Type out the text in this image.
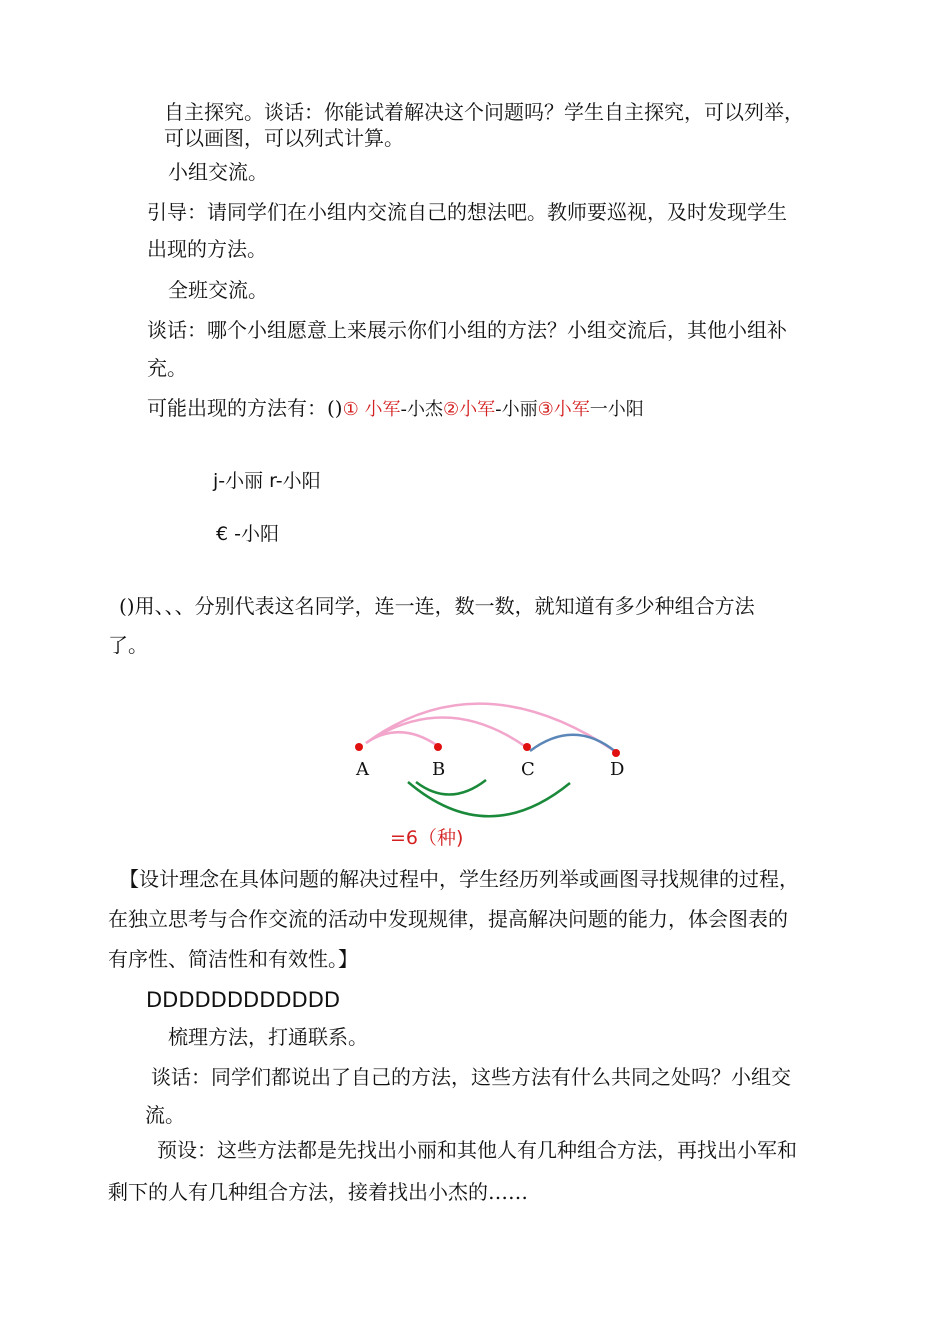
自主探究。谈话：你能试着解决这个问题吗？学生自主探究，可以列举，
可以画图，可以列式计算。
小组交流。
引导：请同学们在小组内交流自己的想法吧。教师要巡视，及时发现学生
出现的方法。
全班交流。
谈话：哪个小组愿意上来展示你们小组的方法？小组交流后，其他小组补
充。
可能出现的方法有：()① 小军-小杰②小军-小丽③小军一小阳
j-小丽 r-小阳
€ -小阳
()用、、、分别代表这名同学，连一连，数一数，就知道有多少种组合方法
了。
A	B	C	D
=6（种)
【设计理念在具体问题的解决过程中，学生经历列举或画图寻找规律的过程，
在独立思考与合作交流的活动中发现规律，提高解决问题的能力，体会图表的
有序性、简洁性和有效性。】
DDDDDDDDDDDD
梳理方法，打通联系。
谈话：同学们都说出了自己的方法，这些方法有什么共同之处吗？小组交
流。
预设：这些方法都是先找出小丽和其他人有几种组合方法，再找出小军和
剩下的人有几种组合方法，接着找出小杰的……
